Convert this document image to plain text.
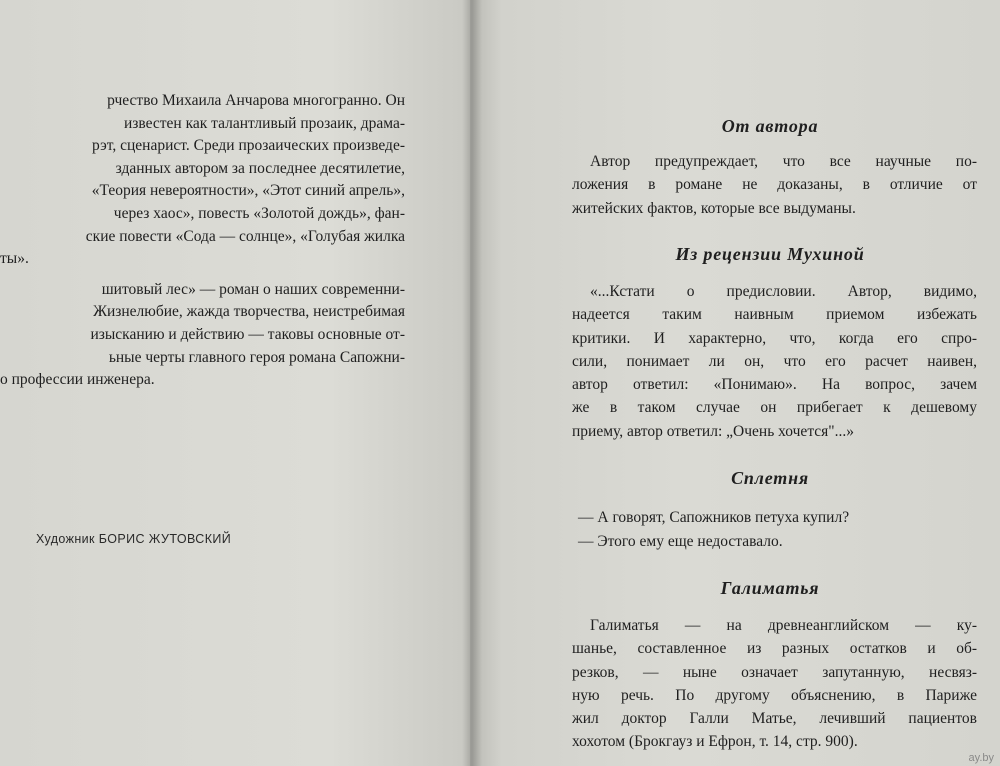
рчество Михаила Анчарова многогранно. Он

известен как талантливый прозаик, драма-

рэт, сценарист. Среди прозаических произведе-

зданных автором за последнее десятилетие,

«Теория невероятности», «Этот синий апрель»,

через хаос», повесть «Золотой дождь», фан-

ские повести «Сода — солнце», «Голубая жилка

ты».

шитовый лес» — роман о наших современни-

Жизнелюбие, жажда творчества, неистребимая

изысканию и действию — таковы основные от-

ьные черты главного героя романа Сапожни-

о профессии инженера.

Художник БОРИС ЖУТОВСКИЙ
От автора

Автор предупреждает, что все научные по-

ложения в романе не доказаны, в отличие от

житейских фактов, которые все выдуманы.

Из рецензии Мухиной

«...Кстати о предисловии. Автор, видимо,

надеется таким наивным приемом избежать

критики. И характерно, что, когда его спро-

сили, понимает ли он, что его расчет наивен,

автор ответил: «Понимаю». На вопрос, зачем

же в таком случае он прибегает к дешевому

приему, автор ответил: „Очень хочется"...»

Сплетня

— А говорят, Сапожников петуха купил?

— Этого ему еще недоставало.

Галиматья

Галиматья — на древнеанглийском — ку-

шанье, составленное из разных остатков и об-

резков, — ныне означает запутанную, несвяз-

ную речь. По другому объяснению, в Париже

жил доктор Галли Матье, лечивший пациентов

хохотом (Брокгауз и Ефрон, т. 14, стр. 900).

ay.by
